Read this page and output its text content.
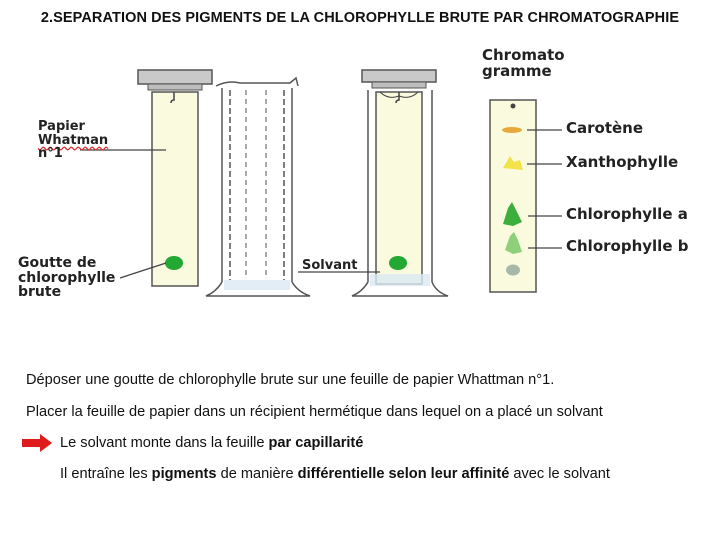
2.SEPARATION DES PIGMENTS DE LA CHLOROPHYLLE BRUTE PAR CHROMATOGRAPHIE
Papier
Whatman
n°1
Goutte de
chlorophylle
brute
Solvant
Chromato
gramme
Carotène
Xanthophylle
Chlorophylle a
Chlorophylle b
Déposer une goutte de chlorophylle brute sur une feuille de papier Whattman n°1.
Placer la feuille de papier dans un récipient hermétique dans lequel on a placé un solvant
Le solvant monte dans la feuille par capillarité
Il entraîne les pigments de manière différentielle selon leur affinité avec le solvant
